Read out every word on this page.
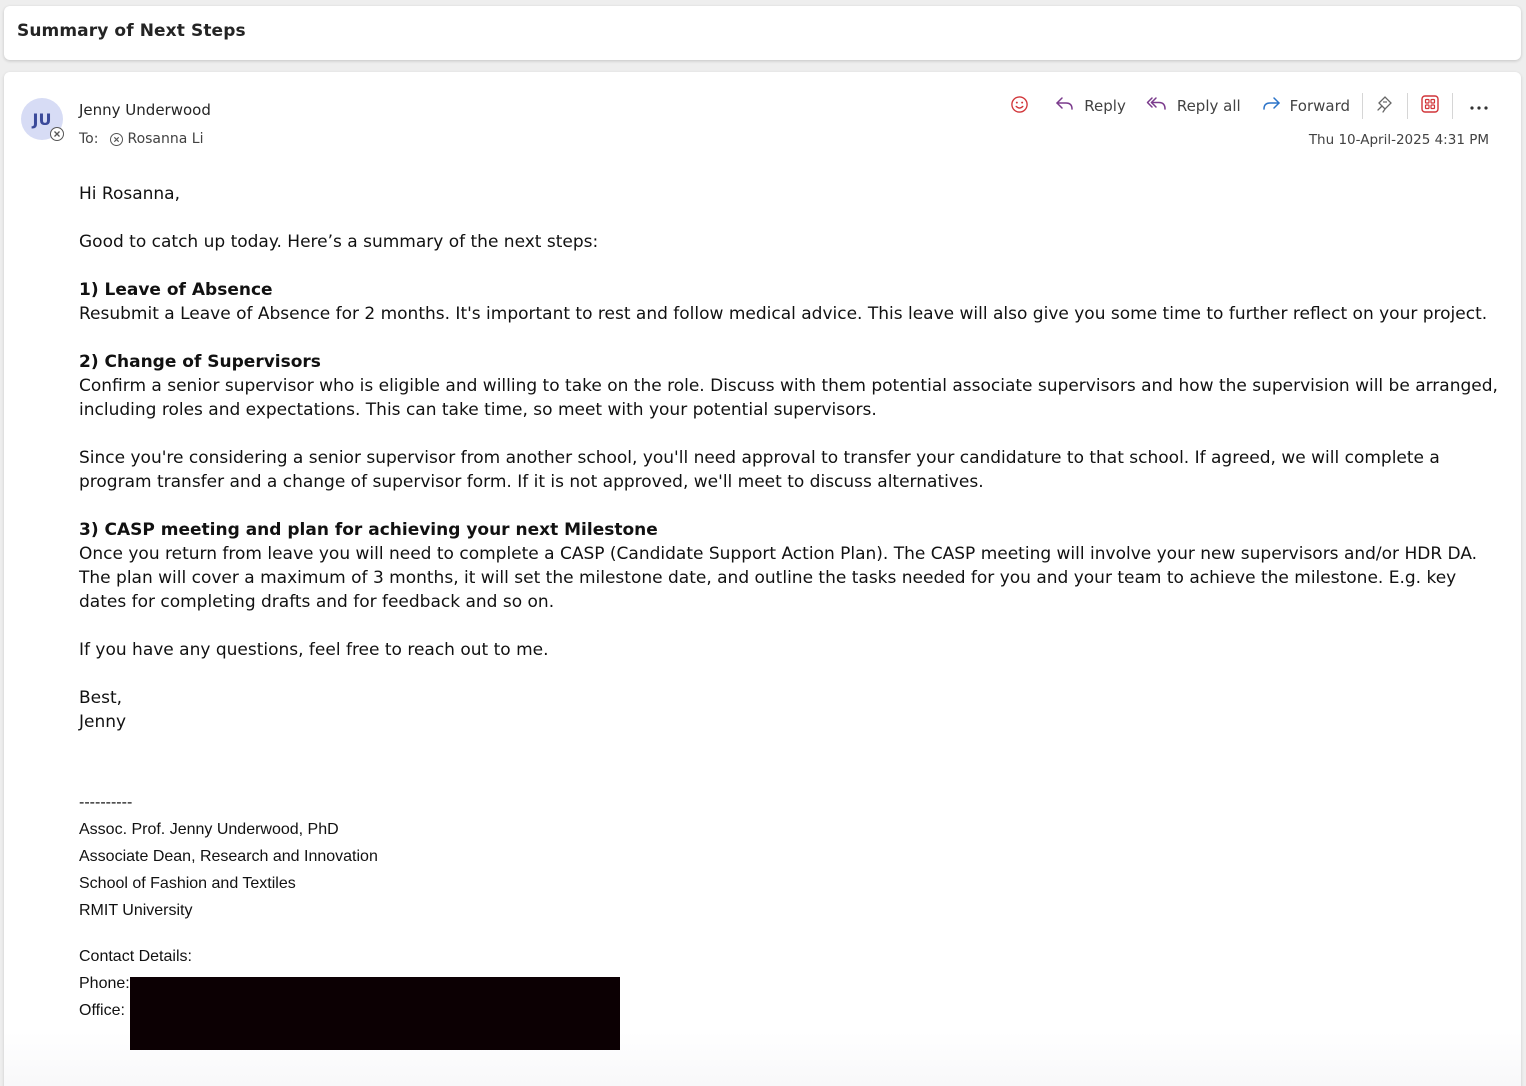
Summary of Next Steps
JU Jenny Underwood
To: Rosanna Li
Reply	Reply all	Forward
Thu 10-April-2025 4:31 PM

Hi Rosanna,

Good to catch up today. Here’s a summary of the next steps:

1) Leave of Absence
Resubmit a Leave of Absence for 2 months. It's important to rest and follow medical advice. This leave will also give you some time to further reflect on your project.
2) Change of Supervisors
Confirm a senior supervisor who is eligible and willing to take on the role. Discuss with them potential associate supervisors and how the supervision will be arranged, including roles and expectations. This can take time, so meet with your potential supervisors.

Since you're considering a senior supervisor from another school, you'll need approval to transfer your candidature to that school. If agreed, we will complete a program transfer and a change of supervisor form. If it is not approved, we'll meet to discuss alternatives.

3) CASP meeting and plan for achieving your next Milestone
Once you return from leave you will need to complete a CASP (Candidate Support Action Plan). The CASP meeting will involve your new supervisors and/or HDR DA. The plan will cover a maximum of 3 months, it will set the milestone date, and outline the tasks needed for you and your team to achieve the milestone. E.g. key dates for completing drafts and for feedback and so on.

If you have any questions, feel free to reach out to me.

Best,
Jenny
----------
Assoc. Prof. Jenny Underwood, PhD
Associate Dean, Research and Innovation
School of Fashion and Textiles
RMIT University
Contact Details:
Phone:
Office:
